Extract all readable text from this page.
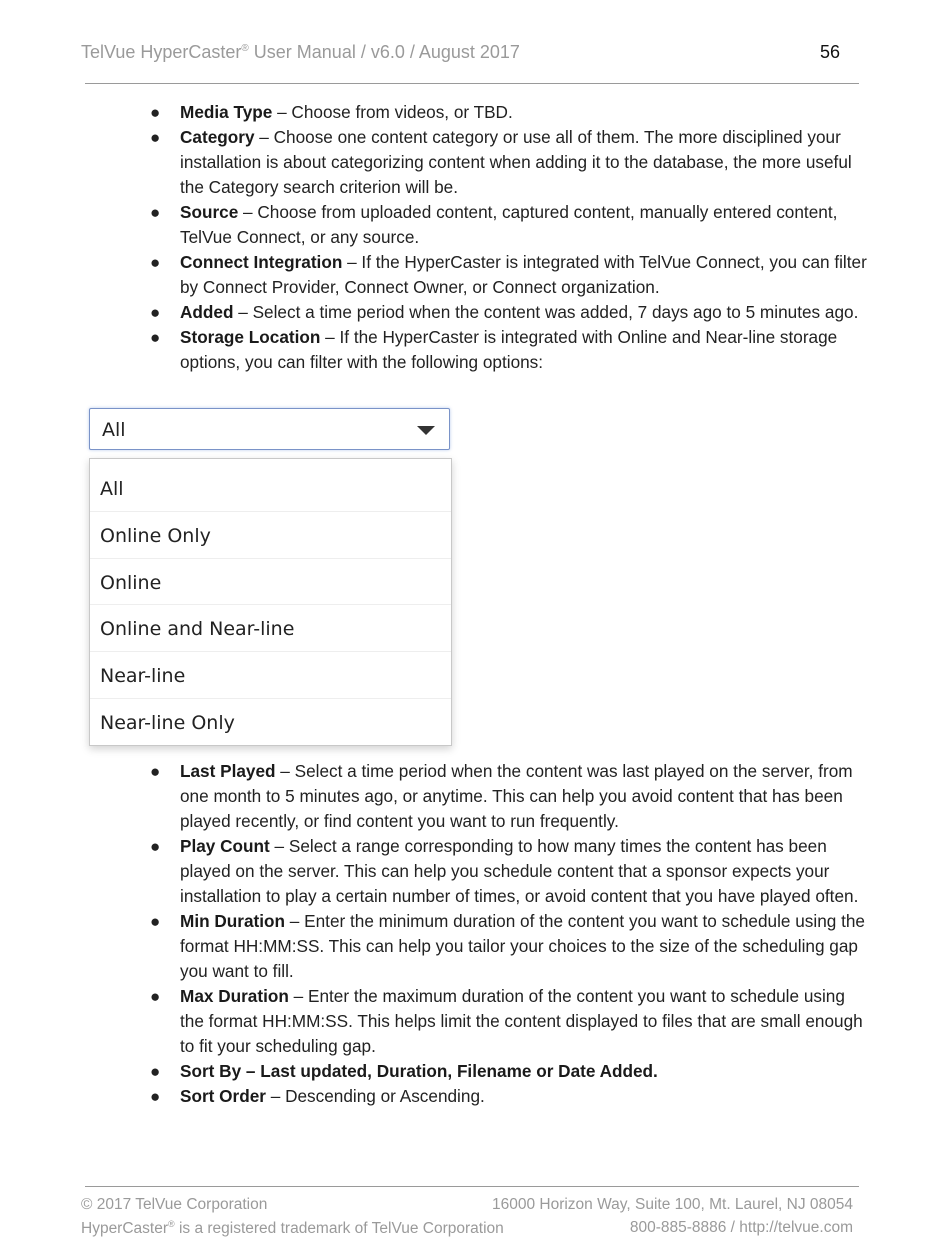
TelVue HyperCaster® User Manual / v6.0 / August 2017	56
● Media Type – Choose from videos, or TBD.
● Category – Choose one content category or use all of them. The more disciplined your installation is about categorizing content when adding it to the database, the more useful the Category search criterion will be.
● Source – Choose from uploaded content, captured content, manually entered content, TelVue Connect, or any source.
● Connect Integration – If the HyperCaster is integrated with TelVue Connect, you can filter by Connect Provider, Connect Owner, or Connect organization.
● Added – Select a time period when the content was added, 7 days ago to 5 minutes ago.
● Storage Location – If the HyperCaster is integrated with Online and Near-line storage options, you can filter with the following options:
All
All
Online Only
Online
Online and Near-line
Near-line
Near-line Only
● Last Played – Select a time period when the content was last played on the server, from one month to 5 minutes ago, or anytime. This can help you avoid content that has been played recently, or find content you want to run frequently.
● Play Count – Select a range corresponding to how many times the content has been played on the server. This can help you schedule content that a sponsor expects your installation to play a certain number of times, or avoid content that you have played often.
● Min Duration – Enter the minimum duration of the content you want to schedule using the format HH:MM:SS. This can help you tailor your choices to the size of the scheduling gap you want to fill.
● Max Duration – Enter the maximum duration of the content you want to schedule using the format HH:MM:SS. This helps limit the content displayed to files that are small enough to fit your scheduling gap.
● Sort By – Last updated, Duration, Filename or Date Added.
● Sort Order – Descending or Ascending.
© 2017 TelVue Corporation	16000 Horizon Way, Suite 100, Mt. Laurel, NJ 08054
HyperCaster® is a registered trademark of TelVue Corporation	800-885-8886 / http://telvue.com
